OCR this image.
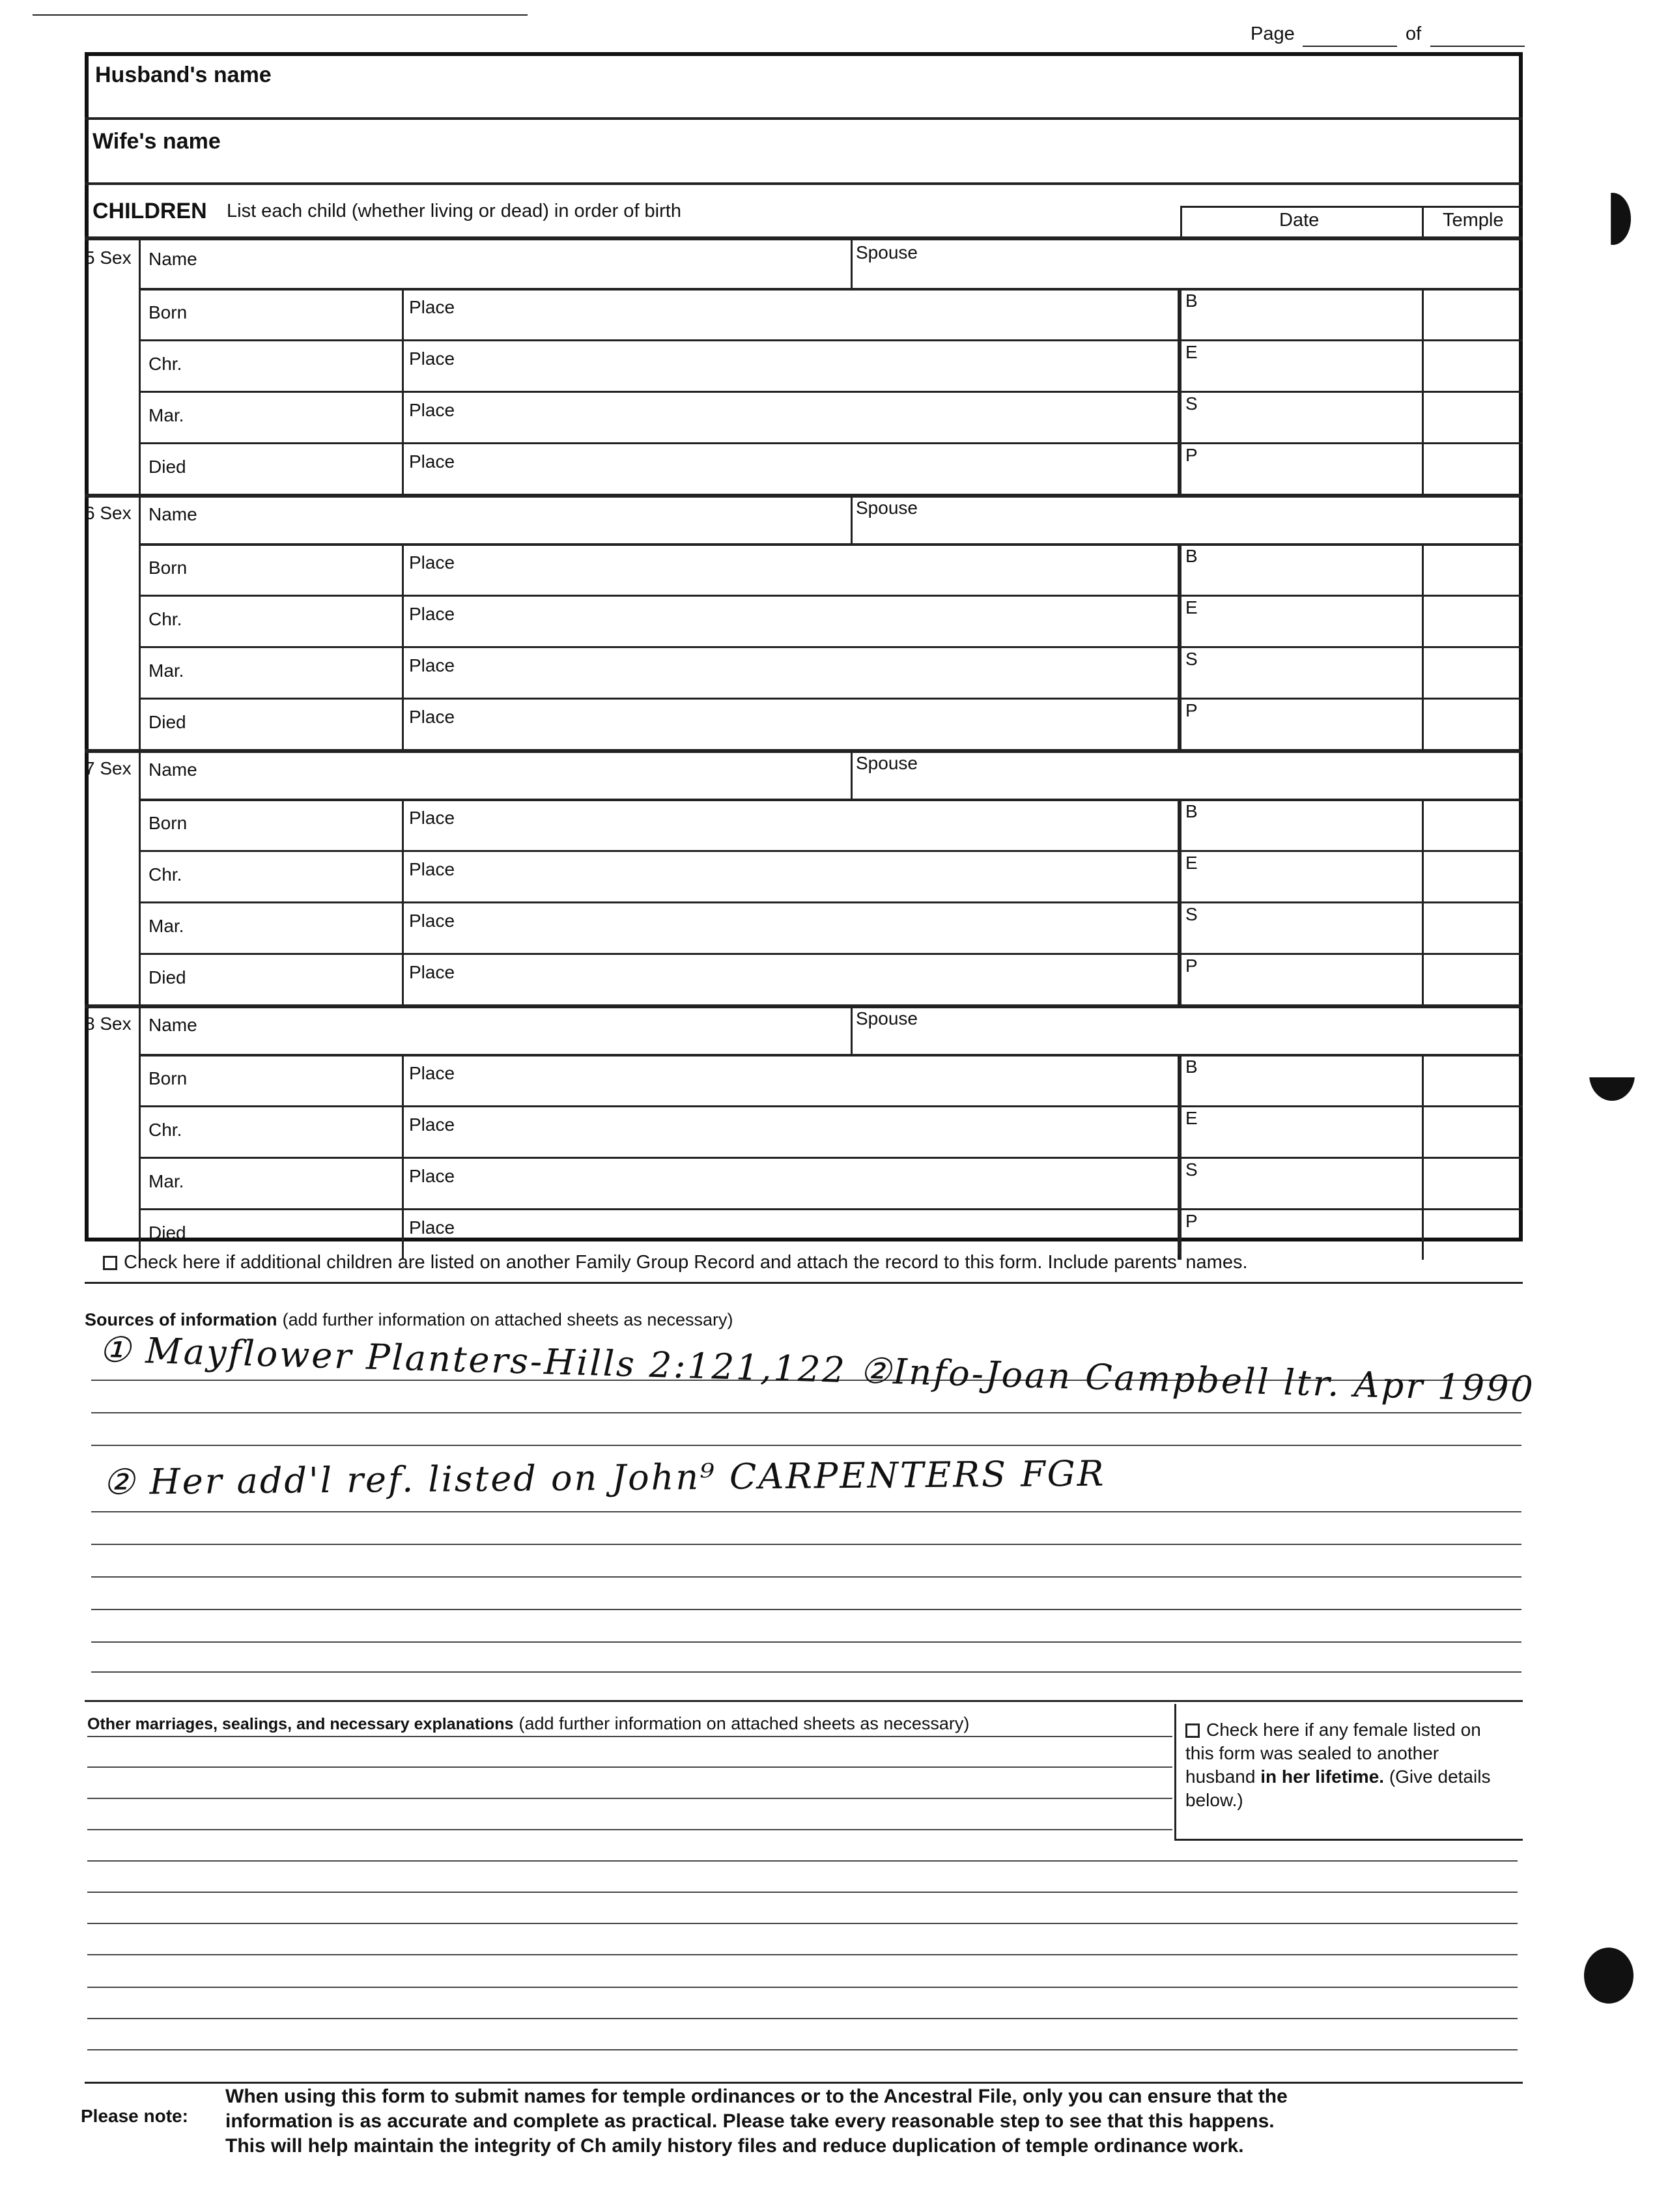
Page	of
Husband's name
Wife's name
CHILDREN List each child (whether living or dead) in order of birth	Date	Temple
5 Sex Name	Spouse
Born	Place	B
Chr.	Place	E
Mar.	Place	S
Died	Place	P
6 Sex Name	Spouse
Born	Place	B
Chr.	Place	E
Mar.	Place	S
Died	Place	P
7 Sex Name	Spouse
Born	Place	B
Chr.	Place	E
Mar.	Place	S
Died	Place	P
8 Sex Name	Spouse
Born	Place	B
Chr.	Place	E
Mar.	Place	S
Died	Place	P
Check here if additional children are listed on another Family Group Record and attach the record to this form. Include parents' names.
Sources of information (add further information on attached sheets as necessary)
① Mayflower Planters-Hills 2:121,122 ②Info-Joan Campbell ltr. Apr 1990
② Her add'l ref. listed on John⁹ CARPENTERS FGR
Other marriages, sealings, and necessary explanations (add further information on attached sheets as necessary)	Check here if any female listed on this form was sealed to another husband in her lifetime. (Give details below.)
Please note:
When using this form to submit names for temple ordinances or to the Ancestral File, only you can ensure that the
information is as accurate and complete as practical. Please take every reasonable step to see that this happens.
This will help maintain the integrity of Ch amily history files and reduce duplication of temple ordinance work.
